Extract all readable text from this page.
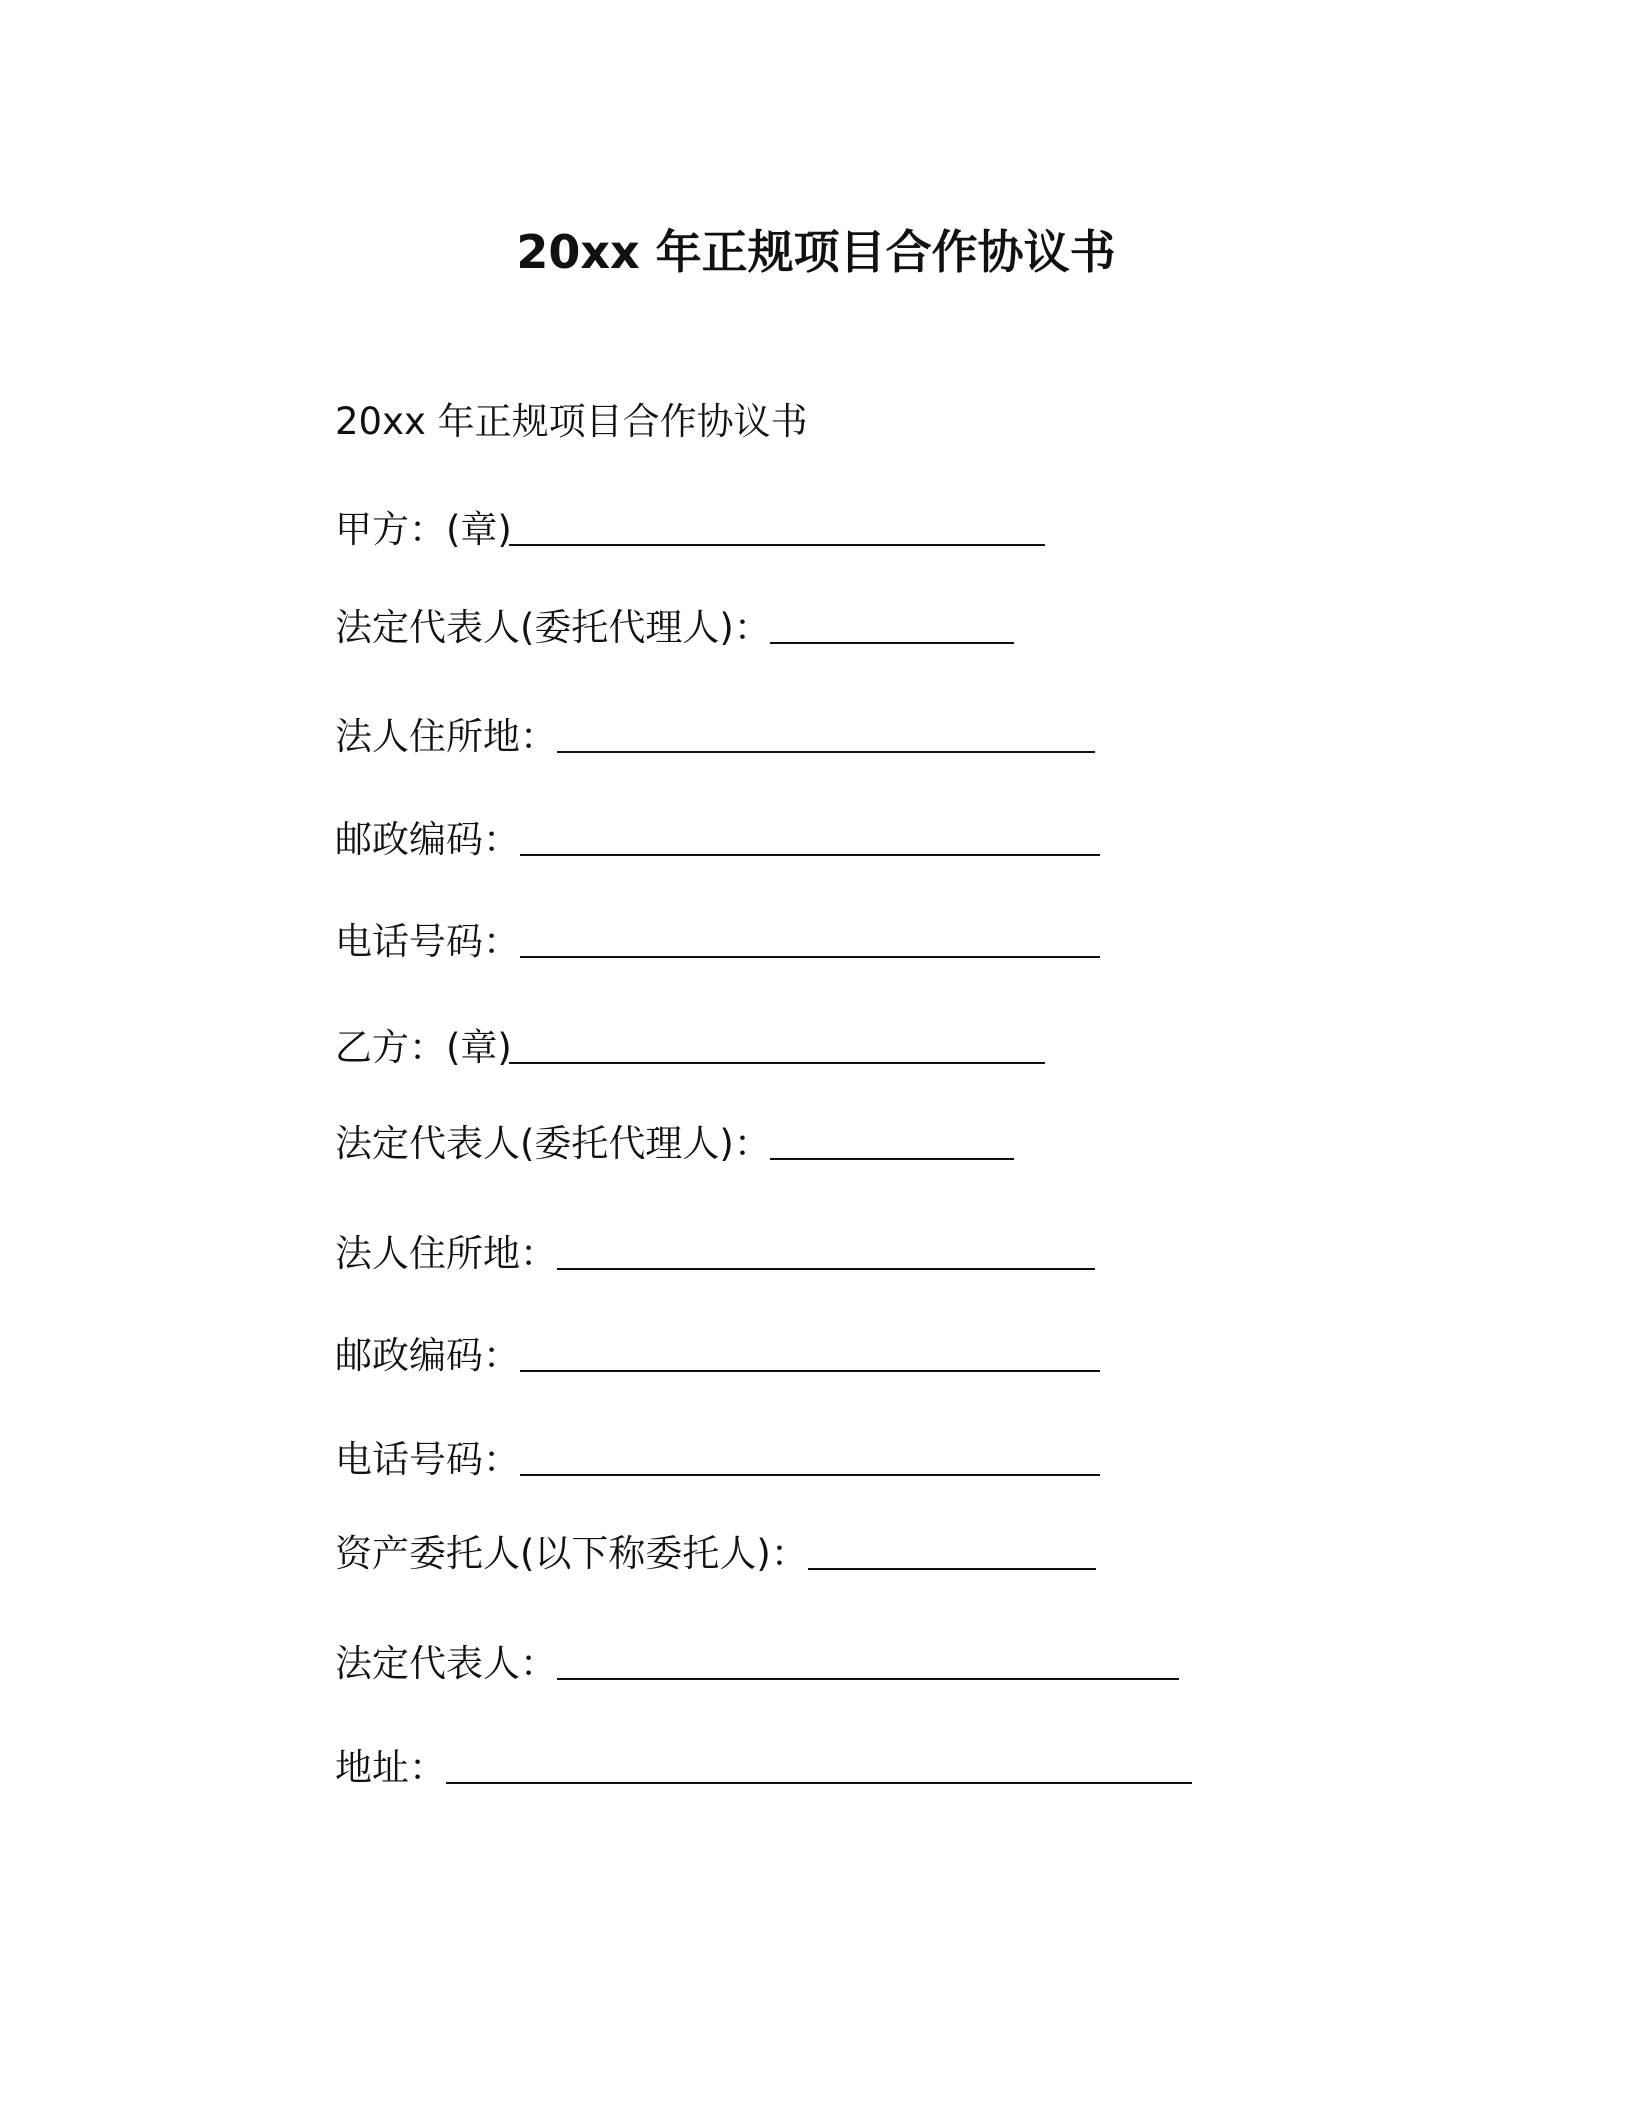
20xx 年正规项目合作协议书
20xx 年正规项目合作协议书
甲方：(章)
法定代表人(委托代理人)：
法人住所地：
邮政编码：
电话号码：
乙方：(章)
法定代表人(委托代理人)：
法人住所地：
邮政编码：
电话号码：
资产委托人(以下称委托人)：
法定代表人：
地址：
